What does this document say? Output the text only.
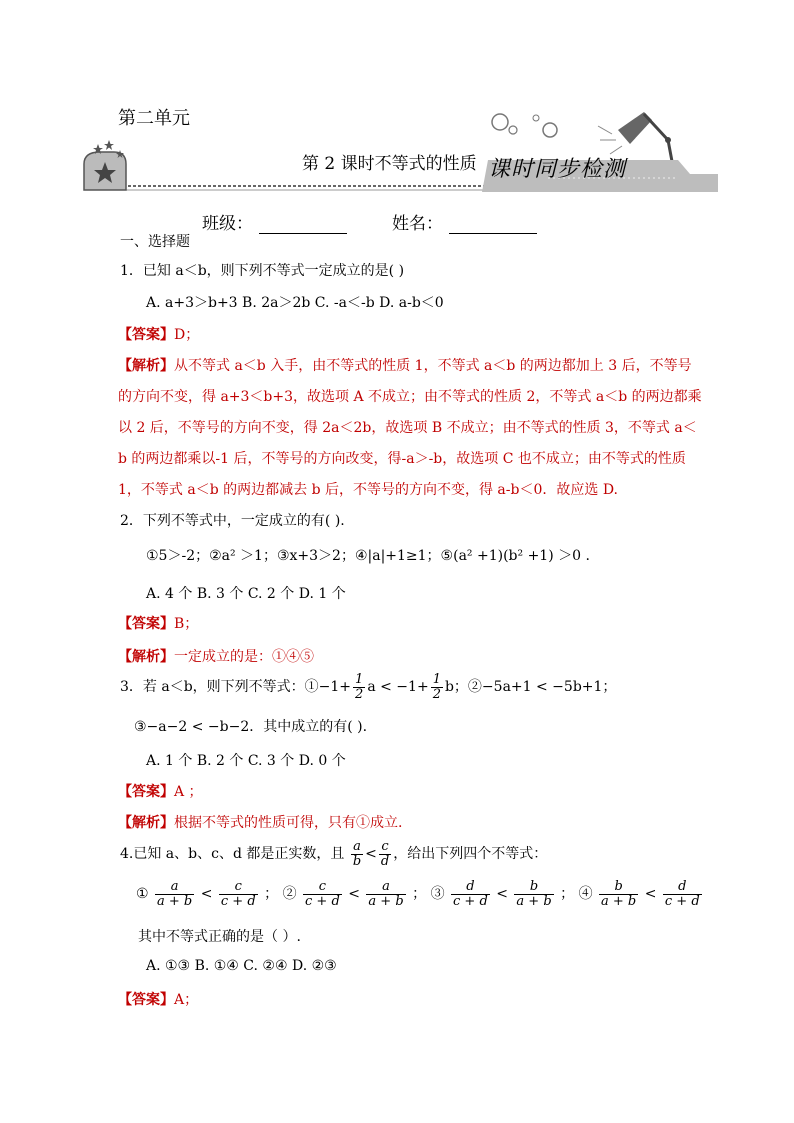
第二单元
第 2 课时不等式的性质 课时同步检测
班级：	姓名：
一、选择题
1．已知 a＜b，则下列不等式一定成立的是( )
A. a+3＞b+3 B. 2a＞2b C. -a＜-b D. a-b＜0
【答案】D；
【解析】从不等式 a＜b 入手，由不等式的性质 1，不等式 a＜b 的两边都加上 3 后，不等号
的方向不变，得 a+3＜b+3，故选项 A 不成立；由不等式的性质 2，不等式 a＜b 的两边都乘
以 2 后，不等号的方向不变，得 2a＜2b，故选项 B 不成立；由不等式的性质 3，不等式 a＜
b 的两边都乘以-1 后，不等号的方向改变，得-a＞-b，故选项 C 也不成立；由不等式的性质
1，不等式 a＜b 的两边都减去 b 后，不等号的方向不变，得 a-b＜0．故应选 D.
2．下列不等式中，一定成立的有( ).
①5＞-2；②a² ＞1；③x+3＞2；④|a|+1≥1；⑤(a² +1)(b² +1) ＞0 .
A. 4 个 B. 3 个 C. 2 个 D. 1 个
【答案】B；
【解析】一定成立的是：①④⑤
3．若 a＜b，则下列不等式：①−1+ $\frac{1}{2}$ $a < -1+ \frac{1}{2}$ b；②−5a+1 < −5b+1；
③−a−2 < −b−2．其中成立的有( ).
A. 1 个 B. 2 个 C. 3 个 D. 0 个
【答案】A ；
【解析】根据不等式的性质可得，只有①成立.
4.已知 a、b、c、d 都是正实数，且 $\frac{a}{b} < \frac{c}{d}$ ，给出下列四个不等式：
① $\frac{a}{a + b} < \frac{c}{c + d}$ ； ② $\frac{c}{c + d} < \frac{a}{a + b}$ ； ③ $\frac{d}{c + d} < \frac{b}{a + b}$ ； ④ $\frac{b}{a + b} < \frac{d}{c + d}$
其中不等式正确的是（ ）.
A. ①③ B. ①④ C. ②④ D. ②③
【答案】A；
